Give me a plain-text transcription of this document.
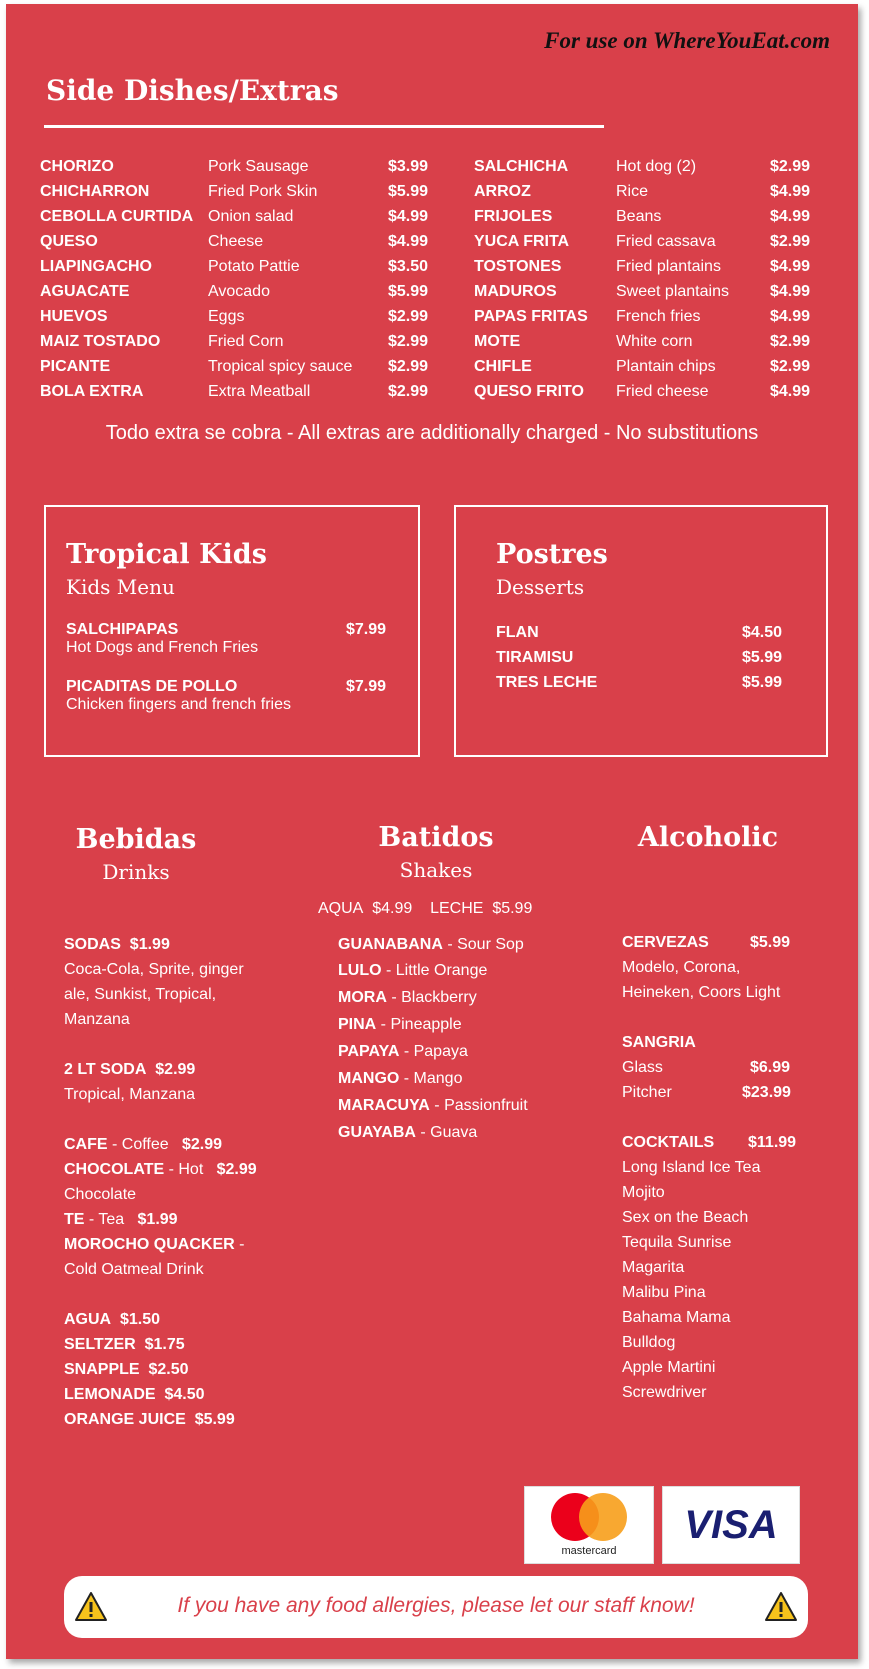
For use on WhereYouEat.com
Side Dishes/Extras
CHORIZO	Pork Sausage	$3.99
CHICHARRON	Fried Pork Skin	$5.99
CEBOLLA CURTIDA Onion salad	$4.99
QUESO	Cheese	$4.99
LIAPINGACHO	Potato Pattie	$3.50
AGUACATE	Avocado	$5.99
HUEVOS	Eggs	$2.99
MAIZ TOSTADO	Fried Corn	$2.99
PICANTE	Tropical spicy sauce $2.99
BOLA EXTRA	Extra Meatball	$2.99
SALCHICHA	Hot dog (2)	$2.99
ARROZ	Rice	$4.99
FRIJOLES	Beans	$4.99
YUCA FRITA	Fried cassava	$2.99
TOSTONES	Fried plantains	$4.99
MADUROS	Sweet plantains	$4.99
PAPAS FRITAS French fries	$4.99
MOTE	White corn	$2.99
CHIFLE	Plantain chips	$2.99
QUESO FRITO Fried cheese	$4.99
Todo extra se cobra - All extras are additionally charged - No substitutions
Tropical Kids
Kids Menu
SALCHIPAPAS
Hot Dogs and French Fries
$7.99
PICADITAS DE POLLO
Chicken fingers and french fries
$7.99
Postres
Desserts
FLAN	$4.50
TIRAMISU	$5.99
TRES LECHE	$5.99
Bebidas
Drinks
SODAS $1.99
Coca-Cola, Sprite, ginger
ale, Sunkist, Tropical,
Manzana
2 LT SODA $2.99
Tropical, Manzana
CAFE - Coffee $2.99
CHOCOLATE - Hot $2.99
Chocolate
TE - Tea $1.99
MOROCHO QUACKER -
Cold Oatmeal Drink
AGUA $1.50
SELTZER $1.75
SNAPPLE $2.50
LEMONADE $4.50
ORANGE JUICE $5.99
Batidos
Shakes
AQUA $4.99 LECHE $5.99
GUANABANA - Sour Sop
LULO - Little Orange
MORA - Blackberry
PINA - Pineapple
PAPAYA - Papaya
MANGO - Mango
MARACUYA - Passionfruit
GUAYABA - Guava
Alcoholic
CERVEZAS	$5.99
Modelo, Corona,
Heineken, Coors Light
SANGRIA
Glass	$6.99
Pitcher	$23.99
COCKTAILS $11.99
Long Island Ice Tea
Mojito
Sex on the Beach
Tequila Sunrise
Magarita
Malibu Pina
Bahama Mama
Bulldog
Apple Martini
Screwdriver
mastercard
VISA
If you have any food allergies, please let our staff know!
